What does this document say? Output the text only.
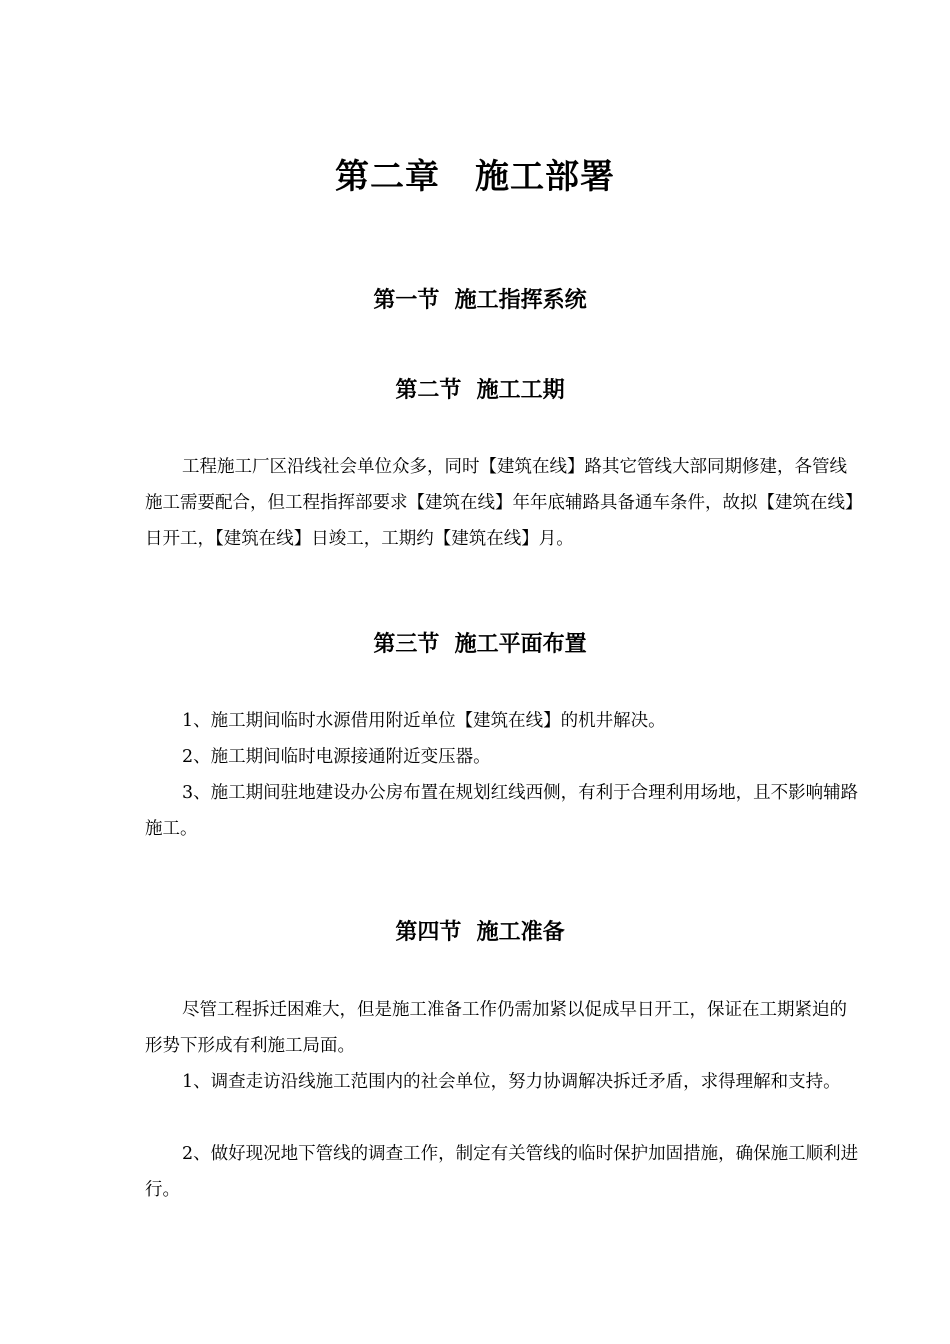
第二章　施工部署
第一节  施工指挥系统
第二节  施工工期

工程施工厂区沿线社会单位众多，同时【建筑在线】路其它管线大部同期修建，各管线施工需要配合，但工程指挥部要求【建筑在线】年年底辅路具备通车条件，故拟【建筑在线】日开工，【建筑在线】日竣工，工期约【建筑在线】月。

第三节  施工平面布置

1、施工期间临时水源借用附近单位【建筑在线】的机井解决。

2、施工期间临时电源接通附近变压器。

3、施工期间驻地建设办公房布置在规划红线西侧，有利于合理利用场地，且不影响辅路施工。

第四节  施工准备

尽管工程拆迁困难大，但是施工准备工作仍需加紧以促成早日开工，保证在工期紧迫的形势下形成有利施工局面。

1、调查走访沿线施工范围内的社会单位，努力协调解决拆迁矛盾，求得理解和支持。

2、做好现况地下管线的调查工作，制定有关管线的临时保护加固措施，确保施工顺利进行。
